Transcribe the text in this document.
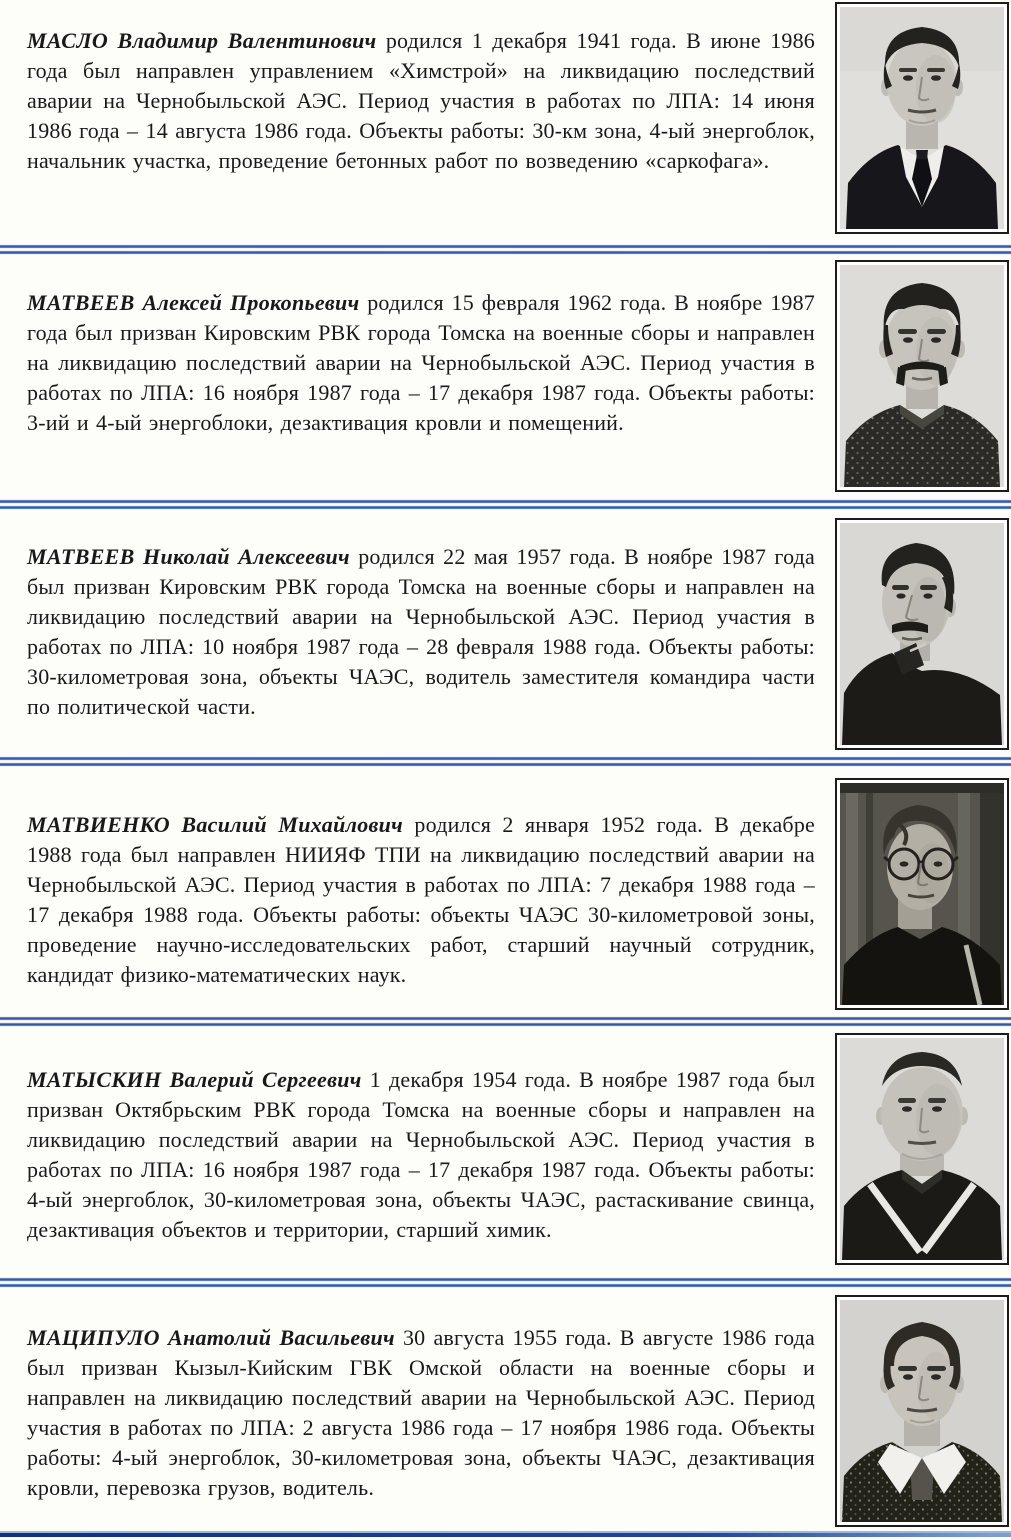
МАСЛО Владимир Валентинович родился 1 декабря 1941 года. В июне 1986 года был направлен управлением «Химстрой» на ликвидацию последствий аварии на Чернобыльской АЭС. Период участия в работах по ЛПА: 14 июня 1986 года – 14 августа 1986 года. Объекты работы: 30-км зона, 4-ый энергоблок, начальник участка, проведение бетонных работ по возведению «саркофага».
МАТВЕЕВ Алексей Прокопьевич родился 15 февраля 1962 года. В ноябре 1987 года был призван Кировским РВК города Томска на военные сборы и направлен на ликвидацию последствий аварии на Чернобыльской АЭС. Период участия в работах по ЛПА: 16 ноября 1987 года – 17 декабря 1987 года. Объекты работы: 3-ий и 4-ый энергоблоки, дезактивация кровли и помещений.
МАТВЕЕВ Николай Алексеевич родился 22 мая 1957 года. В ноябре 1987 года был призван Кировским РВК города Томска на военные сборы и направлен на ликвидацию последствий аварии на Чернобыльской АЭС. Период участия в работах по ЛПА: 10 ноября 1987 года – 28 февраля 1988 года. Объекты работы: 30-километровая зона, объекты ЧАЭС, водитель заместителя командира части по политической части.
МАТВИЕНКО Василий Михайлович родился 2 января 1952 года. В декабре 1988 года был направлен НИИЯФ ТПИ на ликвидацию последствий аварии на Чернобыльской АЭС. Период участия в работах по ЛПА: 7 декабря 1988 года – 17 декабря 1988 года. Объекты работы: объекты ЧАЭС 30-километровой зоны, проведение научно-исследовательских работ, старший научный сотрудник, кандидат физико-математических наук.
МАТЫСКИН Валерий Сергеевич 1 декабря 1954 года. В ноябре 1987 года был призван Октябрьским РВК города Томска на военные сборы и направлен на ликвидацию последствий аварии на Чернобыльской АЭС. Период участия в работах по ЛПА: 16 ноября 1987 года – 17 декабря 1987 года. Объекты работы: 4-ый энергоблок, 30-километровая зона, объекты ЧАЭС, растаскивание свинца, дезактивация объектов и территории, старший химик.
МАЦИПУЛО Анатолий Васильевич 30 августа 1955 года. В августе 1986 года был призван Кызыл-Кийским ГВК Омской области на военные сборы и направлен на ликвидацию последствий аварии на Чернобыльской АЭС. Период участия в работах по ЛПА: 2 августа 1986 года – 17 ноября 1986 года. Объекты работы: 4-ый энергоблок, 30-километровая зона, объекты ЧАЭС, дезактивация кровли, перевозка грузов, водитель.
